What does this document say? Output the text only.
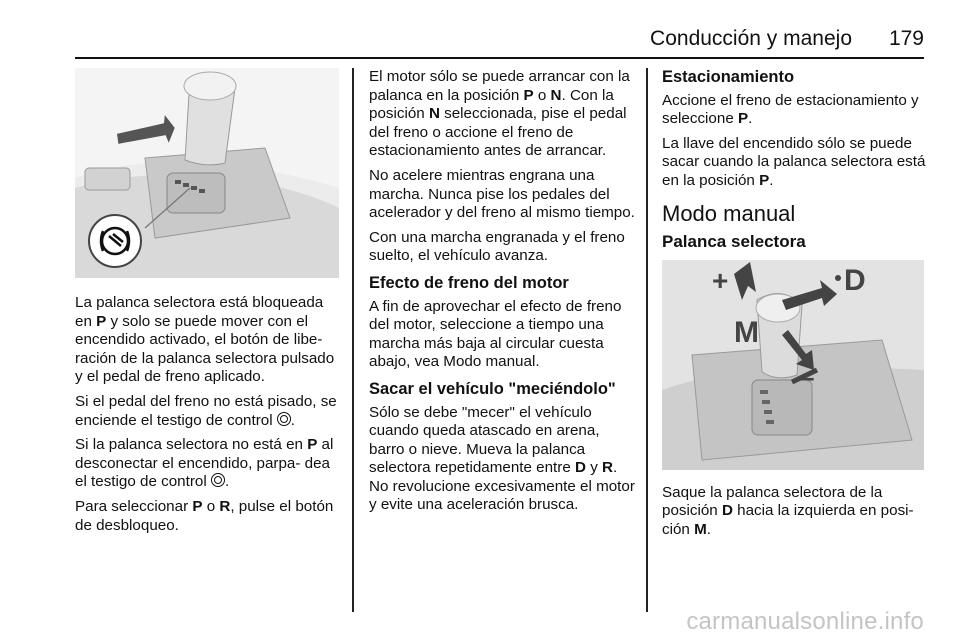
Conducción y manejo 179

La palanca selectora está bloqueada en P y solo se puede mover con el encendido activado, el botón de libe- ración de la palanca selectora pulsado y el pedal de freno aplicado.

Si el pedal del freno no está pisado, se enciende el testigo de control .

Si la palanca selectora no está en P al desconectar el encendido, parpa- dea el testigo de control .

Para seleccionar P o R, pulse el botón de desbloqueo.

El motor sólo se puede arrancar con la palanca en la posición P o N. Con la posición N seleccionada, pise el pedal del freno o accione el freno de estacionamiento antes de arrancar.

No acelere mientras engrana una marcha. Nunca pise los pedales del acelerador y del freno al mismo tiempo.

Con una marcha engranada y el freno suelto, el vehículo avanza.

Efecto de freno del motor

A fin de aprovechar el efecto de freno del motor, seleccione a tiempo una marcha más baja al circular cuesta abajo, vea Modo manual.

Sacar el vehículo "meciéndolo"

Sólo se debe "mecer" el vehículo cuando queda atascado en arena, barro o nieve. Mueva la palanca selectora repetidamente entre D y R. No revolucione excesivamente el motor y evite una aceleración brusca.

Estacionamiento

Accione el freno de estacionamiento y seleccione P.

La llave del encendido sólo se puede sacar cuando la palanca selectora está en la posición P.

Modo manual
Palanca selectora
+
M
D
–

Saque la palanca selectora de la posición D hacia la izquierda en posi- ción M.

carmanualsonline.info
